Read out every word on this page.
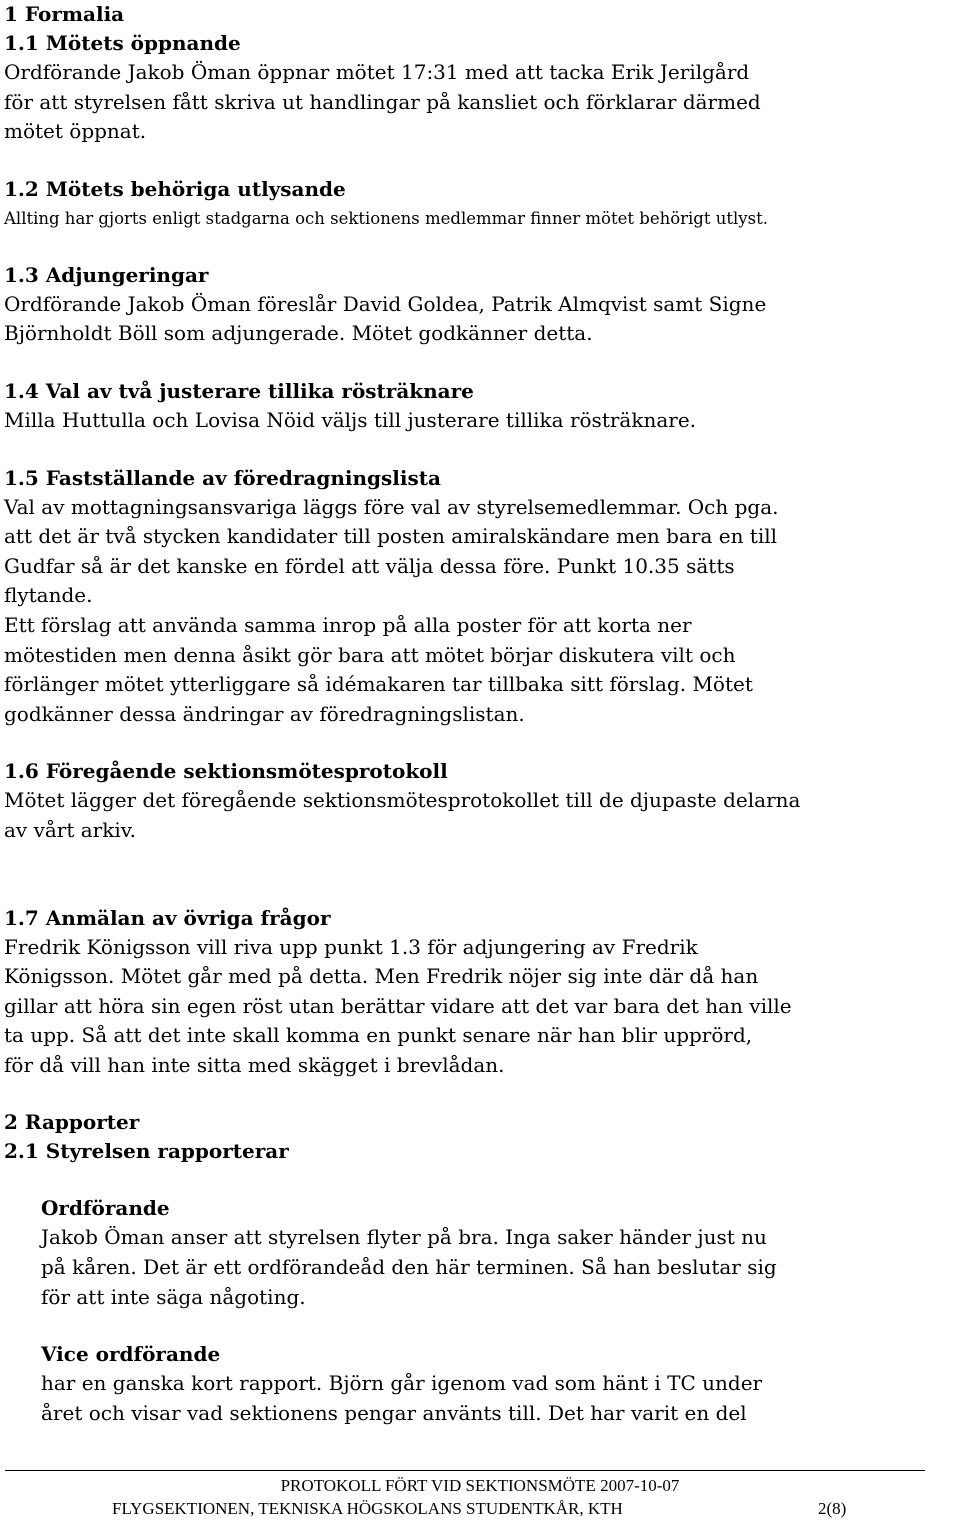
1 Formalia
1.1 Mötets öppnande
Ordförande Jakob Öman öppnar mötet 17:31 med att tacka Erik Jerilgård
för att styrelsen fått skriva ut handlingar på kansliet och förklarar därmed
mötet öppnat.
1.2 Mötets behöriga utlysande
Allting har gjorts enligt stadgarna och sektionens medlemmar finner mötet behörigt utlyst.
1.3 Adjungeringar
Ordförande Jakob Öman föreslår David Goldea, Patrik Almqvist samt Signe
Björnholdt Böll som adjungerade. Mötet godkänner detta.
1.4 Val av två justerare tillika rösträknare
Milla Huttulla och Lovisa Nöid väljs till justerare tillika rösträknare.
1.5 Fastställande av föredragningslista
Val av mottagningsansvariga läggs före val av styrelsemedlemmar. Och pga.
att det är två stycken kandidater till posten amiralskändare men bara en till
Gudfar så är det kanske en fördel att välja dessa före. Punkt 10.35 sätts
flytande.
Ett förslag att använda samma inrop på alla poster för att korta ner
mötestiden men denna åsikt gör bara att mötet börjar diskutera vilt och
förlänger mötet ytterliggare så idémakaren tar tillbaka sitt förslag. Mötet
godkänner dessa ändringar av föredragningslistan.
1.6 Föregående sektionsmötesprotokoll
Mötet lägger det föregående sektionsmötesprotokollet till de djupaste delarna
av vårt arkiv.
1.7 Anmälan av övriga frågor
Fredrik Königsson vill riva upp punkt 1.3 för adjungering av Fredrik
Königsson. Mötet går med på detta. Men Fredrik nöjer sig inte där då han
gillar att höra sin egen röst utan berättar vidare att det var bara det han ville
ta upp. Så att det inte skall komma en punkt senare när han blir upprörd,
för då vill han inte sitta med skägget i brevlådan.
2 Rapporter
2.1 Styrelsen rapporterar
Ordförande
Jakob Öman anser att styrelsen flyter på bra. Inga saker händer just nu
på kåren. Det är ett ordförandeåd den här terminen. Så han beslutar sig
för att inte säga någoting.
Vice ordförande
har en ganska kort rapport. Björn går igenom vad som hänt i TC under
året och visar vad sektionens pengar använts till. Det har varit en del
PROTOKOLL FÖRT VID SEKTIONSMÖTE 2007-10-07
FLYGSEKTIONEN, TEKNISKA HÖGSKOLANS STUDENTKÅR, KTH	2(8)
